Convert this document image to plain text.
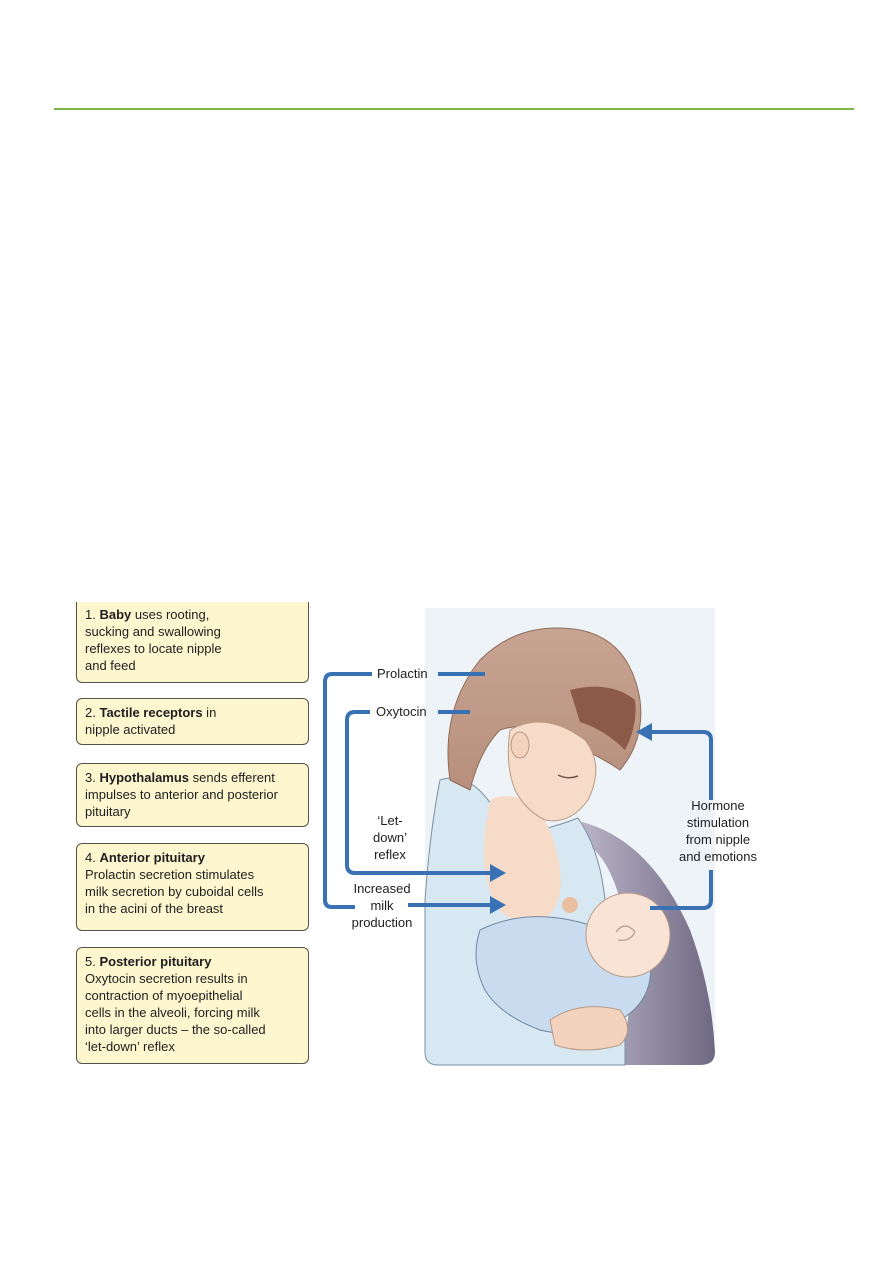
1. Baby uses rooting,
sucking and swallowing
reflexes to locate nipple
and feed
2. Tactile receptors in
nipple activated
3. Hypothalamus sends efferent
impulses to anterior and posterior
pituitary
4. Anterior pituitary
Prolactin secretion stimulates
milk secretion by cuboidal cells
in the acini of the breast
5. Posterior pituitary
Oxytocin secretion results in
contraction of myoepithelial
cells in the alveoli, forcing milk
into larger ducts – the so-called
‘let-down’ reflex
Prolactin
Oxytocin
‘Let-
down’
reflex
Increased
milk
production
Hormone
stimulation
from nipple
and emotions
